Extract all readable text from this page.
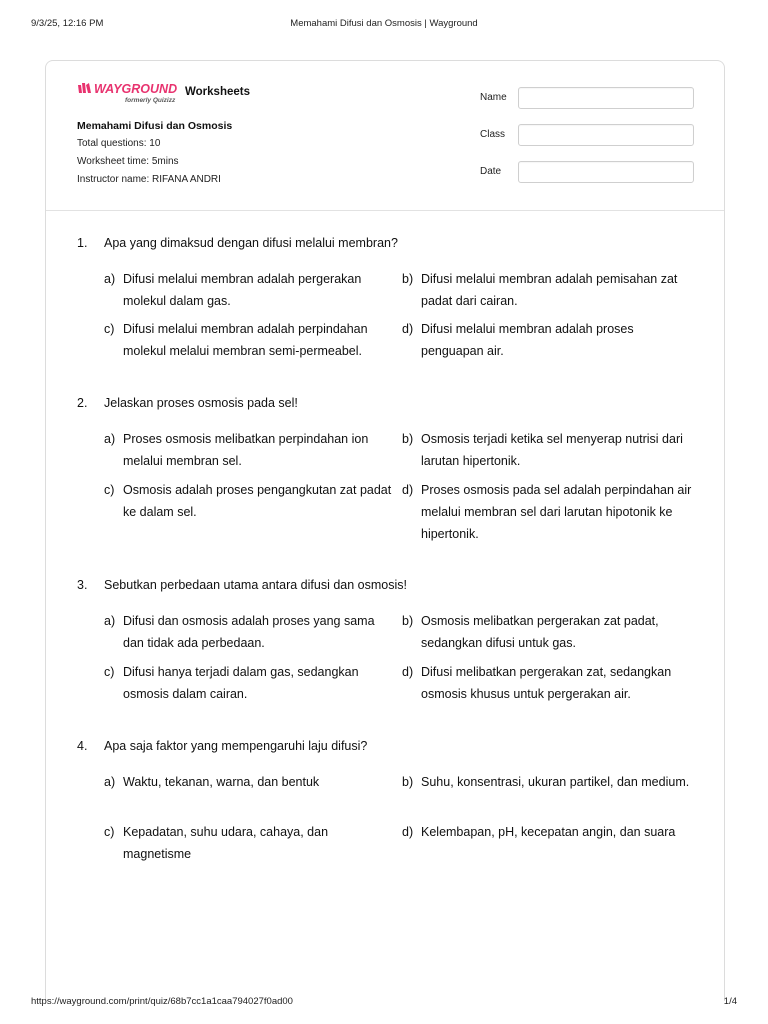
9/3/25, 12:16 PM	Memahami Difusi dan Osmosis | Wayground
WAYGROUND
formerly Quizizz
Worksheets
Memahami Difusi dan Osmosis
Total questions: 10
Worksheet time: 5mins
Instructor name: RIFANA ANDRI
Name
Class
Date
1. Apa yang dimaksud dengan difusi melalui membran?
a) Difusi melalui membran adalah pergerakan molekul dalam gas.
b) Difusi melalui membran adalah pemisahan zat padat dari cairan.
c) Difusi melalui membran adalah perpindahan molekul melalui membran semi-permeabel.
d) Difusi melalui membran adalah proses penguapan air.
2. Jelaskan proses osmosis pada sel!
a) Proses osmosis melibatkan perpindahan ion melalui membran sel.
b) Osmosis terjadi ketika sel menyerap nutrisi dari larutan hipertonik.
c) Osmosis adalah proses pengangkutan zat padat ke dalam sel.
d) Proses osmosis pada sel adalah perpindahan air melalui membran sel dari larutan hipotonik ke hipertonik.
3. Sebutkan perbedaan utama antara difusi dan osmosis!
a) Difusi dan osmosis adalah proses yang sama dan tidak ada perbedaan.
b) Osmosis melibatkan pergerakan zat padat, sedangkan difusi untuk gas.
c) Difusi hanya terjadi dalam gas, sedangkan osmosis dalam cairan.
d) Difusi melibatkan pergerakan zat, sedangkan osmosis khusus untuk pergerakan air.
4. Apa saja faktor yang mempengaruhi laju difusi?
a) Waktu, tekanan, warna, dan bentuk	b) Suhu, konsentrasi, ukuran partikel, dan medium.
c) Kepadatan, suhu udara, cahaya, dan magnetisme
d) Kelembapan, pH, kecepatan angin, dan suara
https://wayground.com/print/quiz/68b7cc1a1caa794027f0ad00	1/4
